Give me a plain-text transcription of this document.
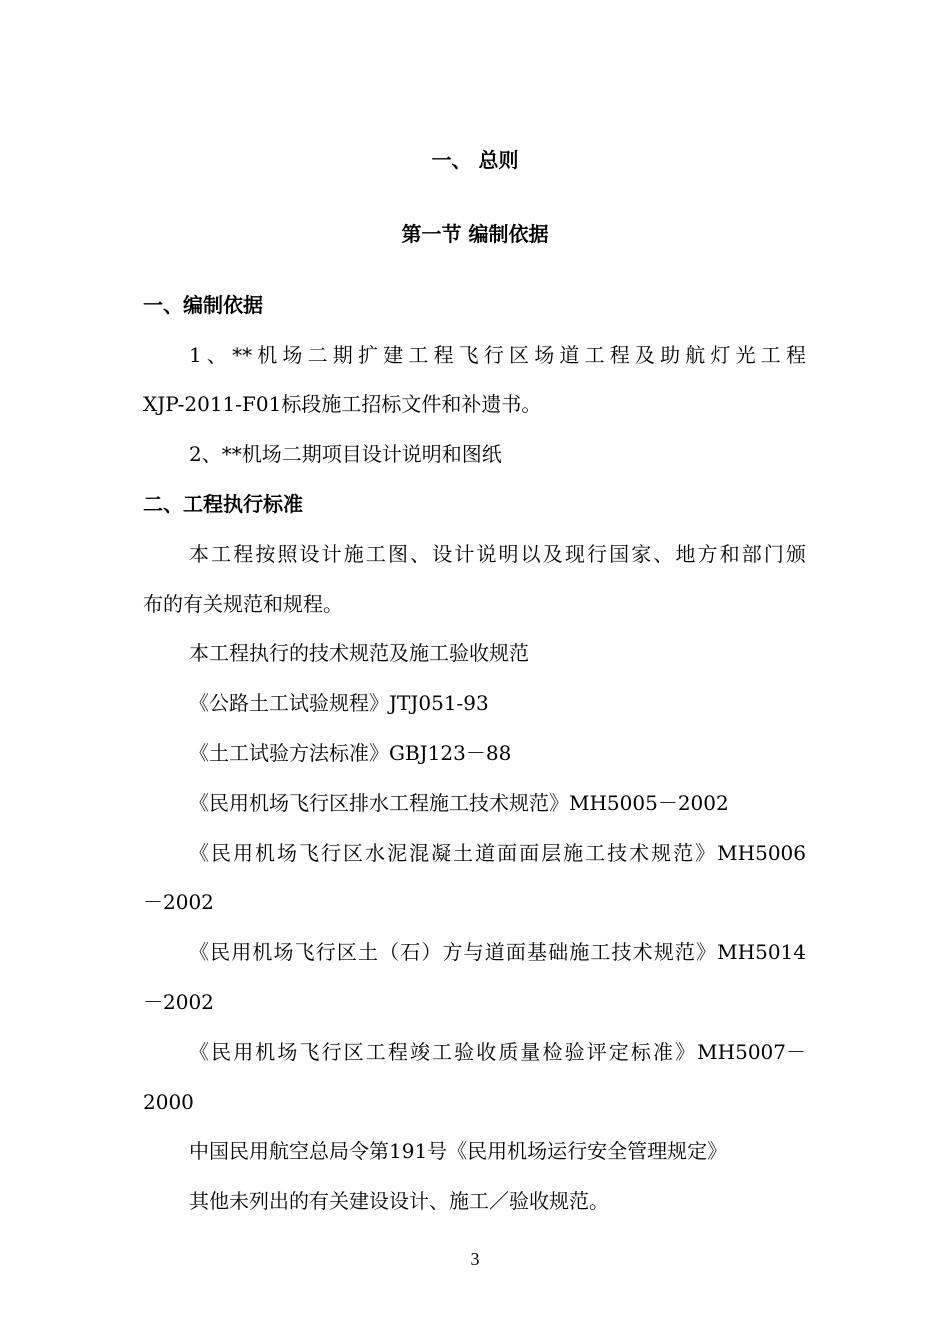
一、 总则
第一节 编制依据
一、编制依据
1、**机场二期扩建工程飞行区场道工程及助航灯光工程
XJP-2011-F01标段施工招标文件和补遗书。
2、**机场二期项目设计说明和图纸
二、工程执行标准
本工程按照设计施工图、设计说明以及现行国家、地方和部门颁
布的有关规范和规程。
本工程执行的技术规范及施工验收规范
《公路土工试验规程》JTJ051-93
《土工试验方法标准》GBJ123－88
《民用机场飞行区排水工程施工技术规范》MH5005－2002
《民用机场飞行区水泥混凝土道面面层施工技术规范》MH5006
－2002
《民用机场飞行区土（石）方与道面基础施工技术规范》MH5014
－2002
《民用机场飞行区工程竣工验收质量检验评定标准》MH5007－
2000
中国民用航空总局令第191号《民用机场运行安全管理规定》
其他未列出的有关建设设计、施工／验收规范。
3
